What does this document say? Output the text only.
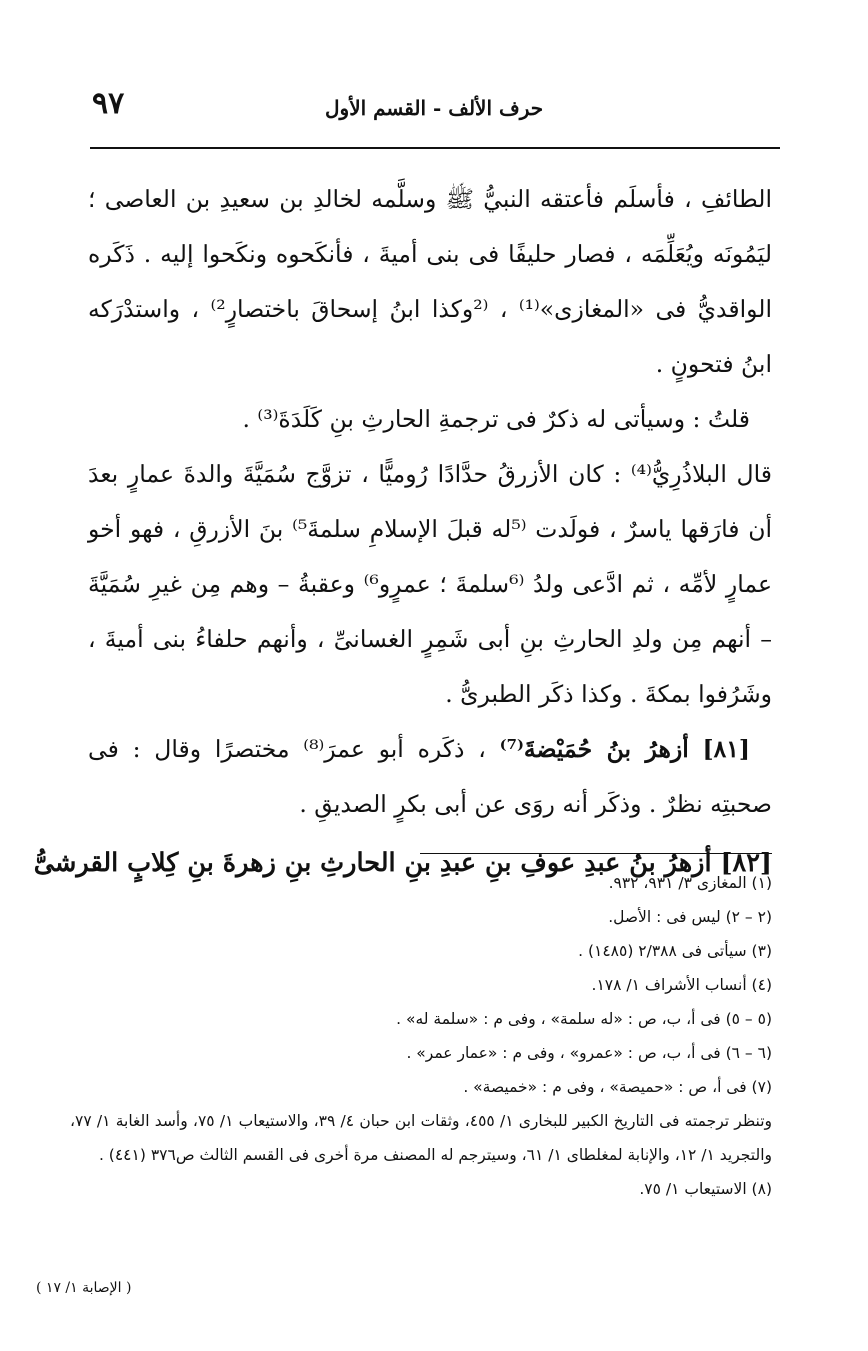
٩٧	حرف الألف - القسم الأول

الطائفِ ، فأسلَم فأعتقه النبيُّ ﷺ وسلَّمه لخالدِ بن سعيدِ بن العاصى ؛ ليَمُونَه ويُعَلِّمَه ، فصار حليفًا فى بنى أميةَ ، فأنكَحوه ونكَحوا إليه . ذَكَره الواقديُّ فى «المغازى»⁽¹⁾ ، ⁽²وكذا ابنُ إسحاقَ باختصارٍ²⁾ ، واستدْرَكه ابنُ فتحونٍ .

قلتُ : وسيأتى له ذكرٌ فى ترجمةِ الحارثِ بنِ كَلَدَةَ⁽³⁾ .

قال البلاذُرِيُّ⁽⁴⁾ : كان الأزرقُ حدَّادًا رُوميًّا ، تزوَّج سُمَيَّةَ والدةَ عمارٍ بعدَ أن فارَقها ياسرٌ ، فولَدت ⁽⁵له قبلَ الإسلامِ سلمةَ⁵⁾ بنَ الأزرقِ ، فهو أخو عمارٍ لأمِّه ، ثم ادَّعى ولدُ ⁽⁶سلمةَ ؛ عمرٍو⁶⁾ وعقبةُ – وهم مِن غيرِ سُمَيَّةَ – أنهم مِن ولدِ الحارثِ بنِ أبى شَمِرٍ الغسانىِّ ، وأنهم حلفاءُ بنى أميةَ ، وشَرُفوا بمكةَ . وكذا ذكَر الطبرىُّ .

[٨١] أزهرُ بنُ حُمَيْضةَ⁽⁷⁾ ، ذكَره أبو عمرَ⁽⁸⁾ مختصرًا وقال : فى صحبتِه نظرٌ . وذكَر أنه روَى عن أبى بكرٍ الصديقِ .

[٨٢] أزهرُ بنُ عبدِ عوفِ بنِ عبدِ بنِ الحارثِ بنِ زهرةَ بنِ كِلابٍ القرشىُّ

(١) المغازى ٣/ ٩٣١، ٩٣٢.

(٢ – ٢) ليس فى : الأصل.

(٣) سيأتى فى ٢/٣٨٨ (١٤٨٥) .

(٤) أنساب الأشراف ١/ ١٧٨.

(٥ – ٥) فى أ، ب، ص : «له سلمة» ، وفى م : «سلمة له» .

(٦ – ٦) فى أ، ب، ص : «عمرو» ، وفى م : «عمار عمر» .

(٧) فى أ، ص : «حميصة» ، وفى م : «خميصة» .

وتنظر ترجمته فى التاريخ الكبير للبخارى ١/ ٤٥٥، وثقات ابن حبان ٤/ ٣٩، والاستيعاب ١/ ٧٥، وأسد الغابة ١/ ٧٧، والتجريد ١/ ١٢، والإنابة لمغلطاى ١/ ٦١، وسيترجم له المصنف مرة أخرى فى القسم الثالث ص٣٧٦ (٤٤١) .

(٨) الاستيعاب ١/ ٧٥.

( الإصابة ١/ ١٧ )
